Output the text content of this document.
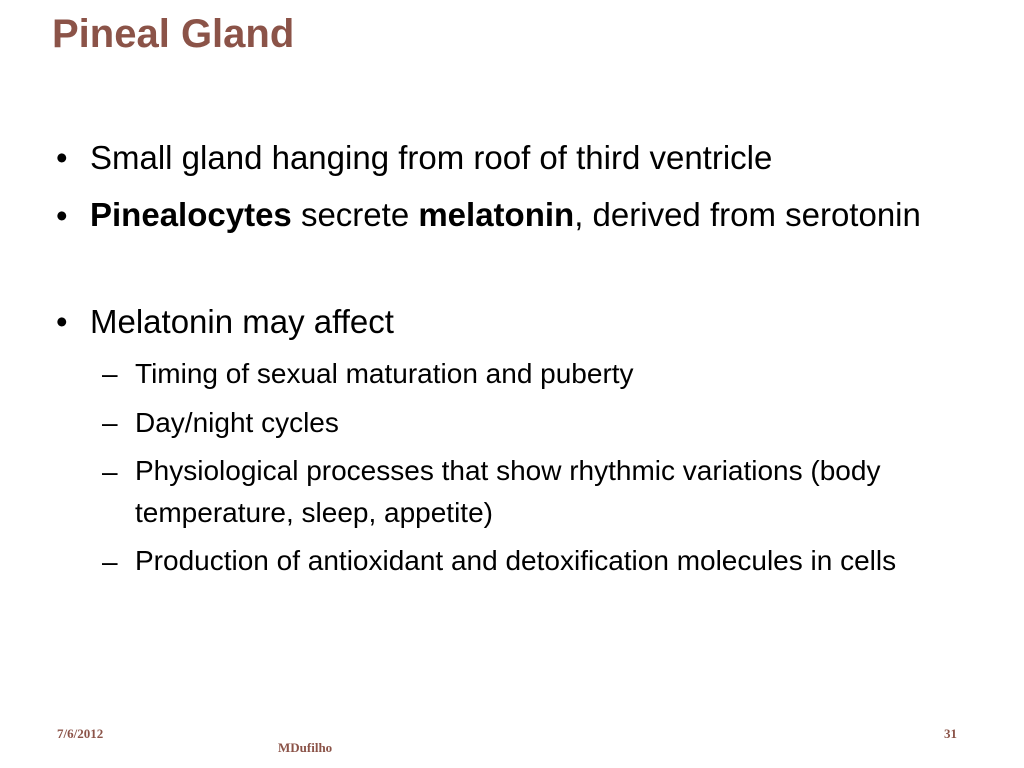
Pineal Gland
• Small gland hanging from roof of third ventricle
• Pinealocytes secrete melatonin, derived from serotonin
• Melatonin may affect
– Timing of sexual maturation and puberty
– Day/night cycles
– Physiological processes that show rhythmic variations (body temperature, sleep, appetite)
– Production of antioxidant and detoxification molecules in cells
7/6/2012
MDufilho
31
